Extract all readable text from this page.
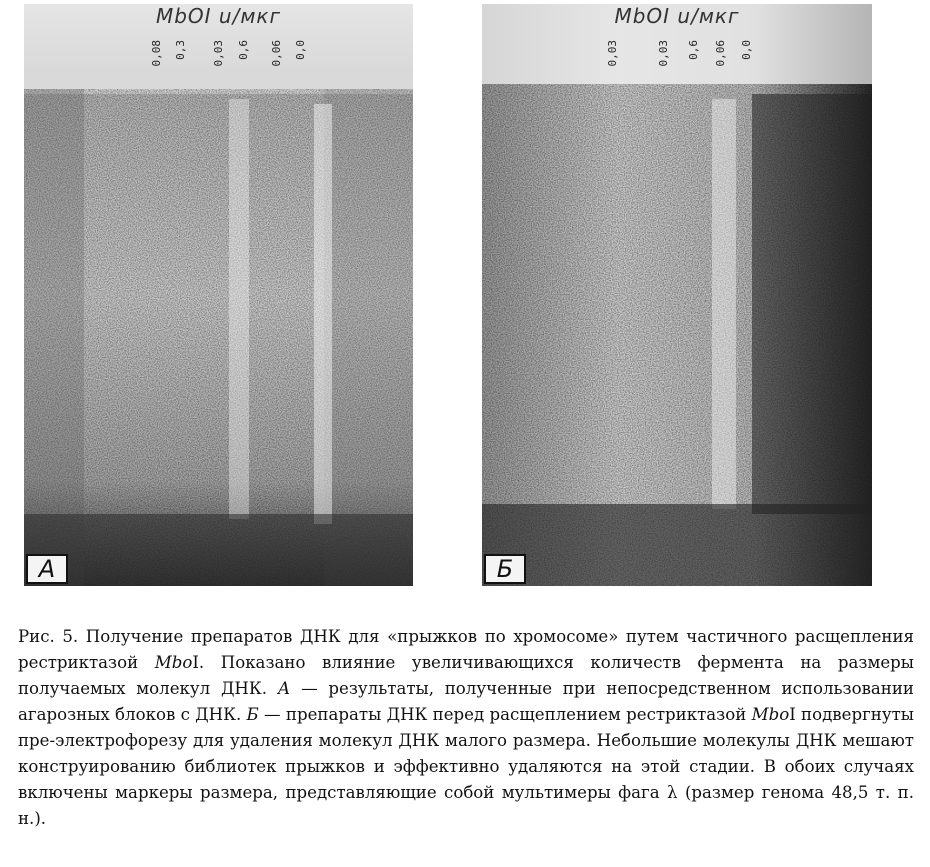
MbOI u/мкг
0,08 0,3 0,03 0,6 0,06 0,0
A
MbOI u/мкг
0,03	0,03 0,6 0,06 0,0
Б
Рис. 5. Получение препаратов ДНК для «прыжков по хромосоме» путем частичного расщепления рестриктазой MboI. Показано влияние увеличивающихся количеств фермента на размеры получаемых молекул ДНК. А — результаты, полученные при непосредственном использовании агарозных блоков с ДНК. Б — препараты ДНК перед расщеплением рестриктазой MboI подвергнуты пре-электрофорезу для удаления молекул ДНК малого размера. Небольшие молекулы ДНК мешают конструированию библиотек прыжков и эффективно удаляются на этой стадии. В обоих случаях включены маркеры размера, представляющие собой мультимеры фага λ (размер генома 48,5 т. п. н.).
